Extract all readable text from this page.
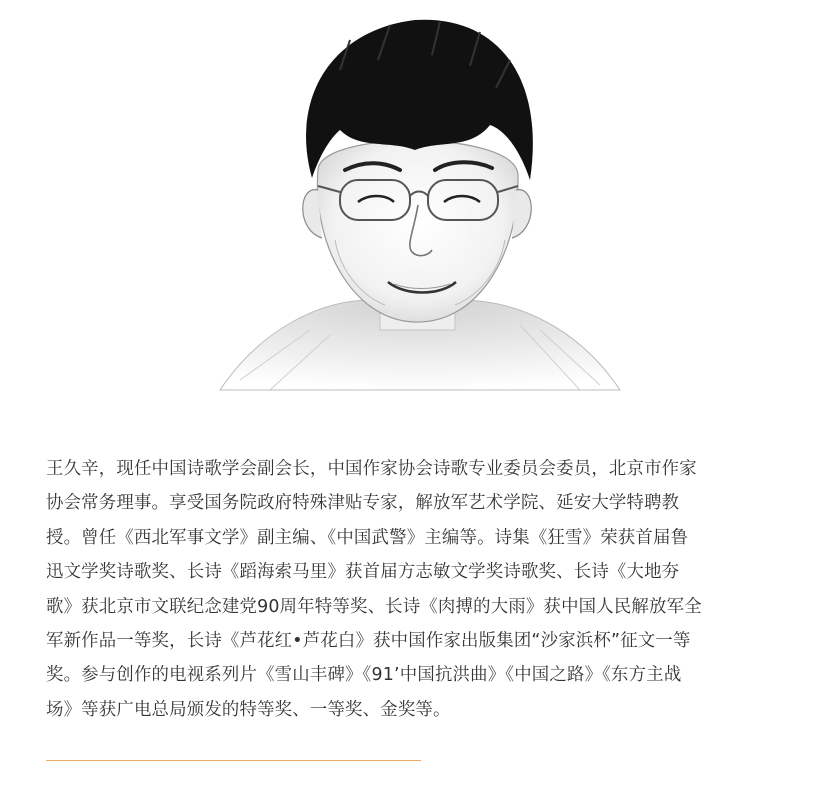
王久辛，现任中国诗歌学会副会长，中国作家协会诗歌专业委员会委员，北京市作家
协会常务理事。享受国务院政府特殊津贴专家，解放军艺术学院、延安大学特聘教
授。曾任《西北军事文学》副主编、《中国武警》主编等。诗集《狂雪》荣获首届鲁
迅文学奖诗歌奖、长诗《蹈海索马里》获首届方志敏文学奖诗歌奖、长诗《大地夯
歌》获北京市文联纪念建党90周年特等奖、长诗《肉搏的大雨》获中国人民解放军全
军新作品一等奖，长诗《芦花红•芦花白》获中国作家出版集团“沙家浜杯”征文一等
奖。参与创作的电视系列片《雪山丰碑》《91’中国抗洪曲》《中国之路》《东方主战
场》等获广电总局颁发的特等奖、一等奖、金奖等。
